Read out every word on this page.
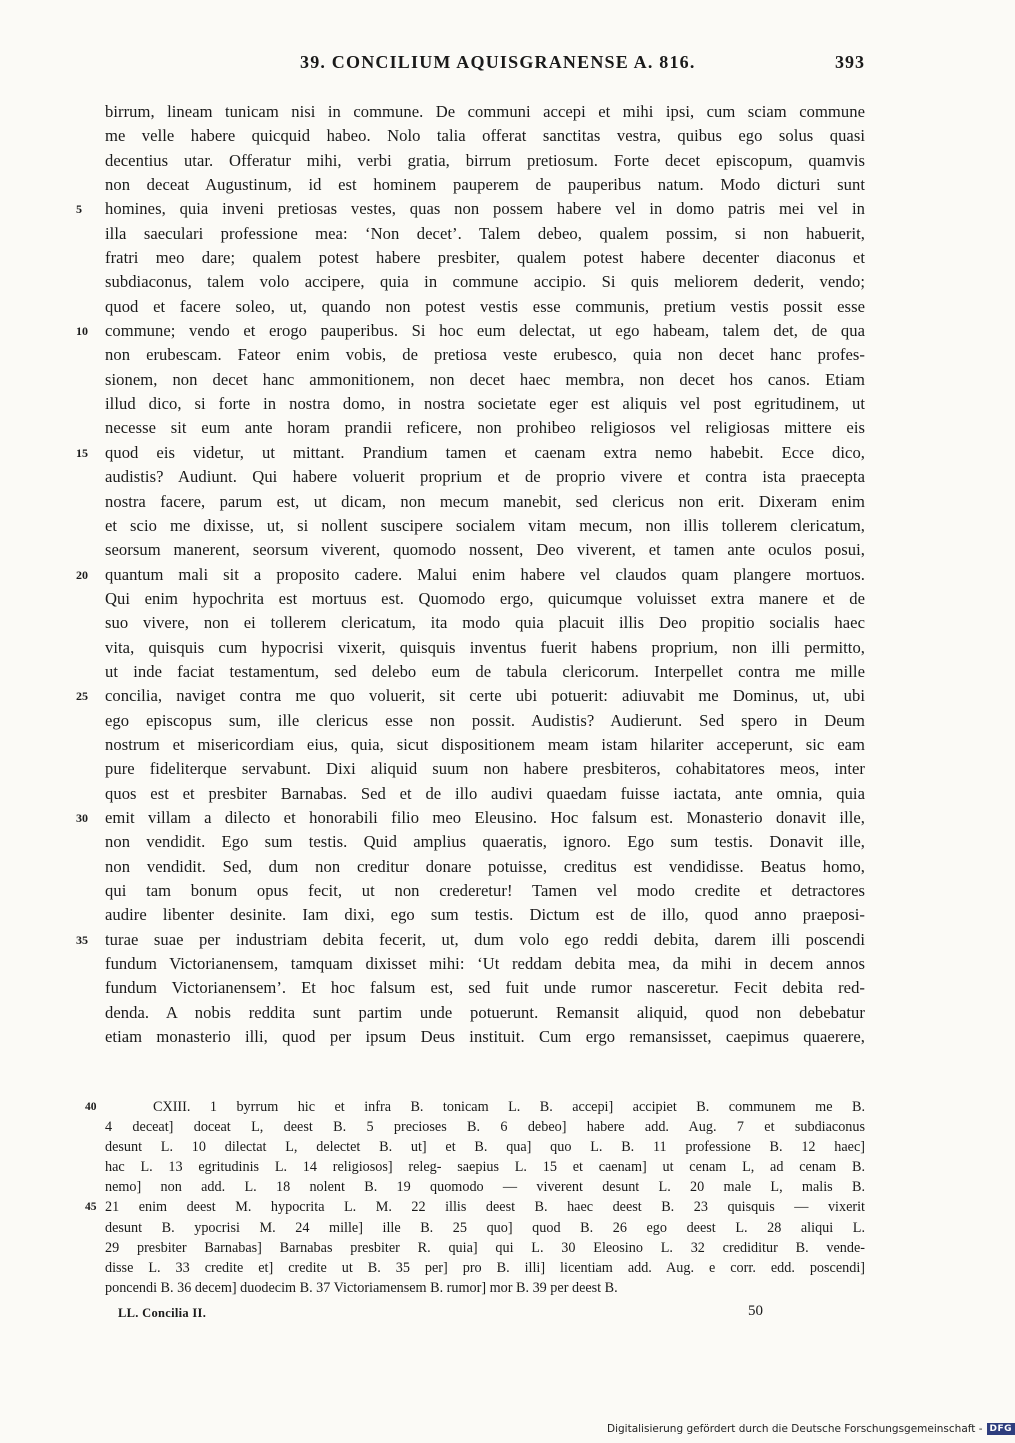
39. CONCILIUM AQUISGRANENSE A. 816.	393
birrum, lineam tunicam nisi in commune. De communi accepi et mihi ipsi, cum sciam commune
me velle habere quicquid habeo. Nolo talia offerat sanctitas vestra, quibus ego solus quasi
decentius utar. Offeratur mihi, verbi gratia, birrum pretiosum. Forte decet episcopum, quamvis
non deceat Augustinum, id est hominem pauperem de pauperibus natum. Modo dicturi sunt
5	homines, quia inveni pretiosas vestes, quas non possem habere vel in domo patris mei vel in
illa saeculari professione mea: ‘Non decet’. Talem debeo, qualem possim, si non habuerit,
fratri meo dare; qualem potest habere presbiter, qualem potest habere decenter diaconus et
subdiaconus, talem volo accipere, quia in commune accipio. Si quis meliorem dederit, vendo;
quod et facere soleo, ut, quando non potest vestis esse communis, pretium vestis possit esse
10	commune; vendo et erogo pauperibus. Si hoc eum delectat, ut ego habeam, talem det, de qua
non erubescam. Fateor enim vobis, de pretiosa veste erubesco, quia non decet hanc profes-
sionem, non decet hanc ammonitionem, non decet haec membra, non decet hos canos. Etiam
illud dico, si forte in nostra domo, in nostra societate eger est aliquis vel post egritudinem, ut
necesse sit eum ante horam prandii reficere, non prohibeo religiosos vel religiosas mittere eis
15	quod eis videtur, ut mittant. Prandium tamen et caenam extra nemo habebit. Ecce dico,
audistis? Audiunt. Qui habere voluerit proprium et de proprio vivere et contra ista praecepta
nostra facere, parum est, ut dicam, non mecum manebit, sed clericus non erit. Dixeram enim
et scio me dixisse, ut, si nollent suscipere socialem vitam mecum, non illis tollerem clericatum,
seorsum manerent, seorsum viverent, quomodo nossent, Deo viverent, et tamen ante oculos posui,
20	quantum mali sit a proposito cadere. Malui enim habere vel claudos quam plangere mortuos.
Qui enim hypochrita est mortuus est. Quomodo ergo, quicumque voluisset extra manere et de
suo vivere, non ei tollerem clericatum, ita modo quia placuit illis Deo propitio socialis haec
vita, quisquis cum hypocrisi vixerit, quisquis inventus fuerit habens proprium, non illi permitto,
ut inde faciat testamentum, sed delebo eum de tabula clericorum. Interpellet contra me mille
25	concilia, naviget contra me quo voluerit, sit certe ubi potuerit: adiuvabit me Dominus, ut, ubi
ego episcopus sum, ille clericus esse non possit. Audistis? Audierunt. Sed spero in Deum
nostrum et misericordiam eius, quia, sicut dispositionem meam istam hilariter acceperunt, sic eam
pure fideliterque servabunt. Dixi aliquid suum non habere presbiteros, cohabitatores meos, inter
quos est et presbiter Barnabas. Sed et de illo audivi quaedam fuisse iactata, ante omnia, quia
30	emit villam a dilecto et honorabili filio meo Eleusino. Hoc falsum est. Monasterio donavit ille,
non vendidit. Ego sum testis. Quid amplius quaeratis, ignoro. Ego sum testis. Donavit ille,
non vendidit. Sed, dum non creditur donare potuisse, creditus est vendidisse. Beatus homo,
qui tam bonum opus fecit, ut non crederetur! Tamen vel modo credite et detractores
audire libenter desinite. Iam dixi, ego sum testis. Dictum est de illo, quod anno praeposi-
35	turae suae per industriam debita fecerit, ut, dum volo ego reddi debita, darem illi poscendi
fundum Victorianensem, tamquam dixisset mihi: ‘Ut reddam debita mea, da mihi in decem annos
fundum Victorianensem’. Et hoc falsum est, sed fuit unde rumor nasceretur. Fecit debita red-
denda. A nobis reddita sunt partim unde potuerunt. Remansit aliquid, quod non debebatur
etiam monasterio illi, quod per ipsum Deus instituit. Cum ergo remansisset, caepimus quaerere,
40	CXIII. 1 byrrum hic et infra B. tonicam L. B. accepi] accipiet B. communem me B.
4 deceat] doceat L, deest B. 5 precioses B. 6 debeo] habere add. Aug. 7 et subdiaconus
desunt L. 10 dilectat L, delectet B. ut] et B. qua] quo L. B. 11 professione B. 12 haec]
hac L. 13 egritudinis L. 14 religiosos] releg- saepius L. 15 et caenam] ut cenam L, ad cenam B.
nemo] non add. L. 18 nolent B. 19 quomodo — viverent desunt L. 20 male L, malis B.
45 21 enim deest M. hypocrita L. M. 22 illis deest B. haec deest B. 23 quisquis — vixerit
desunt B. ypocrisi M. 24 mille] ille B. 25 quo] quod B. 26 ego deest L. 28 aliqui L.
29 presbiter Barnabas] Barnabas presbiter R. quia] qui L. 30 Eleosino L. 32 crediditur B. vende-
disse L. 33 credite et] credite ut B. 35 per] pro B. illi] licentiam add. Aug. e corr. edd. poscendi]
poncendi B. 36 decem] duodecim B. 37 Victoriamensem B. rumor] mor B. 39 per deest B.
LL. Concilia II.	50
Digitalisierung gefördert durch die Deutsche Forschungsgemeinschaft - DFG
